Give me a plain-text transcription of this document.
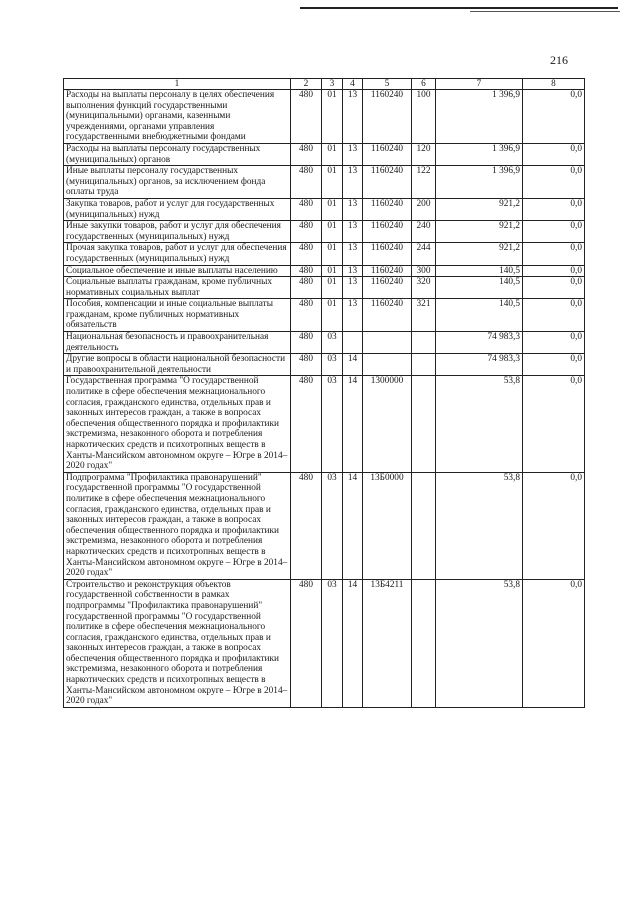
216
1	2	3	4	5	6	7	8
Расходы на выплаты персоналу в целях обеспечения выполнения функций государственными (муниципальными) органами, казенными учреждениями, органами управления государственными внебюджетными фондами	480	01	13	1160240	100	1 396,9	0,0
Расходы на выплаты персоналу государственных (муниципальных) органов	480	01	13	1160240	120	1 396,9	0,0
Иные выплаты персоналу государственных (муниципальных) органов, за исключением фонда оплаты труда	480	01	13	1160240	122	1 396,9	0,0
Закупка товаров, работ и услуг для государственных (муниципальных) нужд	480	01	13	1160240	200	921,2	0,0
Иные закупки товаров, работ и услуг для обеспечения государственных (муниципальных) нужд	480	01	13	1160240	240	921,2	0,0
Прочая закупка товаров, работ и услуг для обеспечения государственных (муниципальных) нужд	480	01	13	1160240	244	921,2	0,0
Социальное обеспечение и иные выплаты населению	480	01	13	1160240	300	140,5	0,0
Социальные выплаты гражданам, кроме публичных нормативных социальных выплат	480	01	13	1160240	320	140,5	0,0
Пособия, компенсации и иные социальные выплаты гражданам, кроме публичных нормативных обязательств	480	01	13	1160240	321	140,5	0,0
Национальная безопасность и правоохранительная деятельность	480	03				74 983,3	0,0
Другие вопросы в области национальной безопасности и правоохранительной деятельности	480	03	14			74 983,3	0,0
Государственная программа "О государственной политике в сфере обеспечения межнационального согласия, гражданского единства, отдельных прав и законных интересов граждан, а также в вопросах обеспечения общественного порядка и профилактики экстремизма, незаконного оборота и потребления наркотических средств и психотропных веществ в Ханты-Мансийском автономном округе – Югре в 2014–2020 годах"	480	03	14	1300000		53,8	0,0
Подпрограмма "Профилактика правонарушений" государственной программы "О государственной политике в сфере обеспечения межнационального согласия, гражданского единства, отдельных прав и законных интересов граждан, а также в вопросах обеспечения общественного порядка и профилактики экстремизма, незаконного оборота и потребления наркотических средств и психотропных веществ в Ханты-Мансийском автономном округе – Югре в 2014–2020 годах"	480	03	14	13Б0000		53,8	0,0
Строительство и реконструкция объектов государственной собственности в рамках подпрограммы "Профилактика правонарушений" государственной программы "О государственной политике в сфере обеспечения межнационального согласия, гражданского единства, отдельных прав и законных интересов граждан, а также в вопросах обеспечения общественного порядка и профилактики экстремизма, незаконного оборота и потребления наркотических средств и психотропных веществ в Ханты-Мансийском автономном округе – Югре в 2014–2020 годах"	480	03	14	13Б4211		53,8	0,0
